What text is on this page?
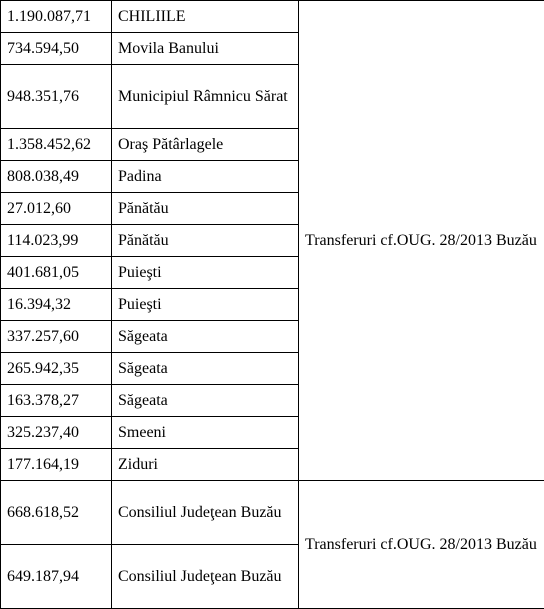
1.190.087,71	CHILIILE	Transferuri cf.OUG. 28/2013 Buzău
734.594,50	Movila Banului	
948.351,76	Municipiul Râmnicu Sărat	
1.358.452,62	Oraş Pătârlagele	
808.038,49	Padina	
27.012,60	Pănătău	
114.023,99	Pănătău	
401.681,05	Puieşti	
16.394,32	Puieşti	
337.257,60	Săgeata	
265.942,35	Săgeata	
163.378,27	Săgeata	
325.237,40	Smeeni	
177.164,19	Ziduri	
668.618,52	Consiliul Judeţean Buzău	Transferuri cf.OUG. 28/2013 Buzău
649.187,94	Consiliul Judeţean Buzău	
